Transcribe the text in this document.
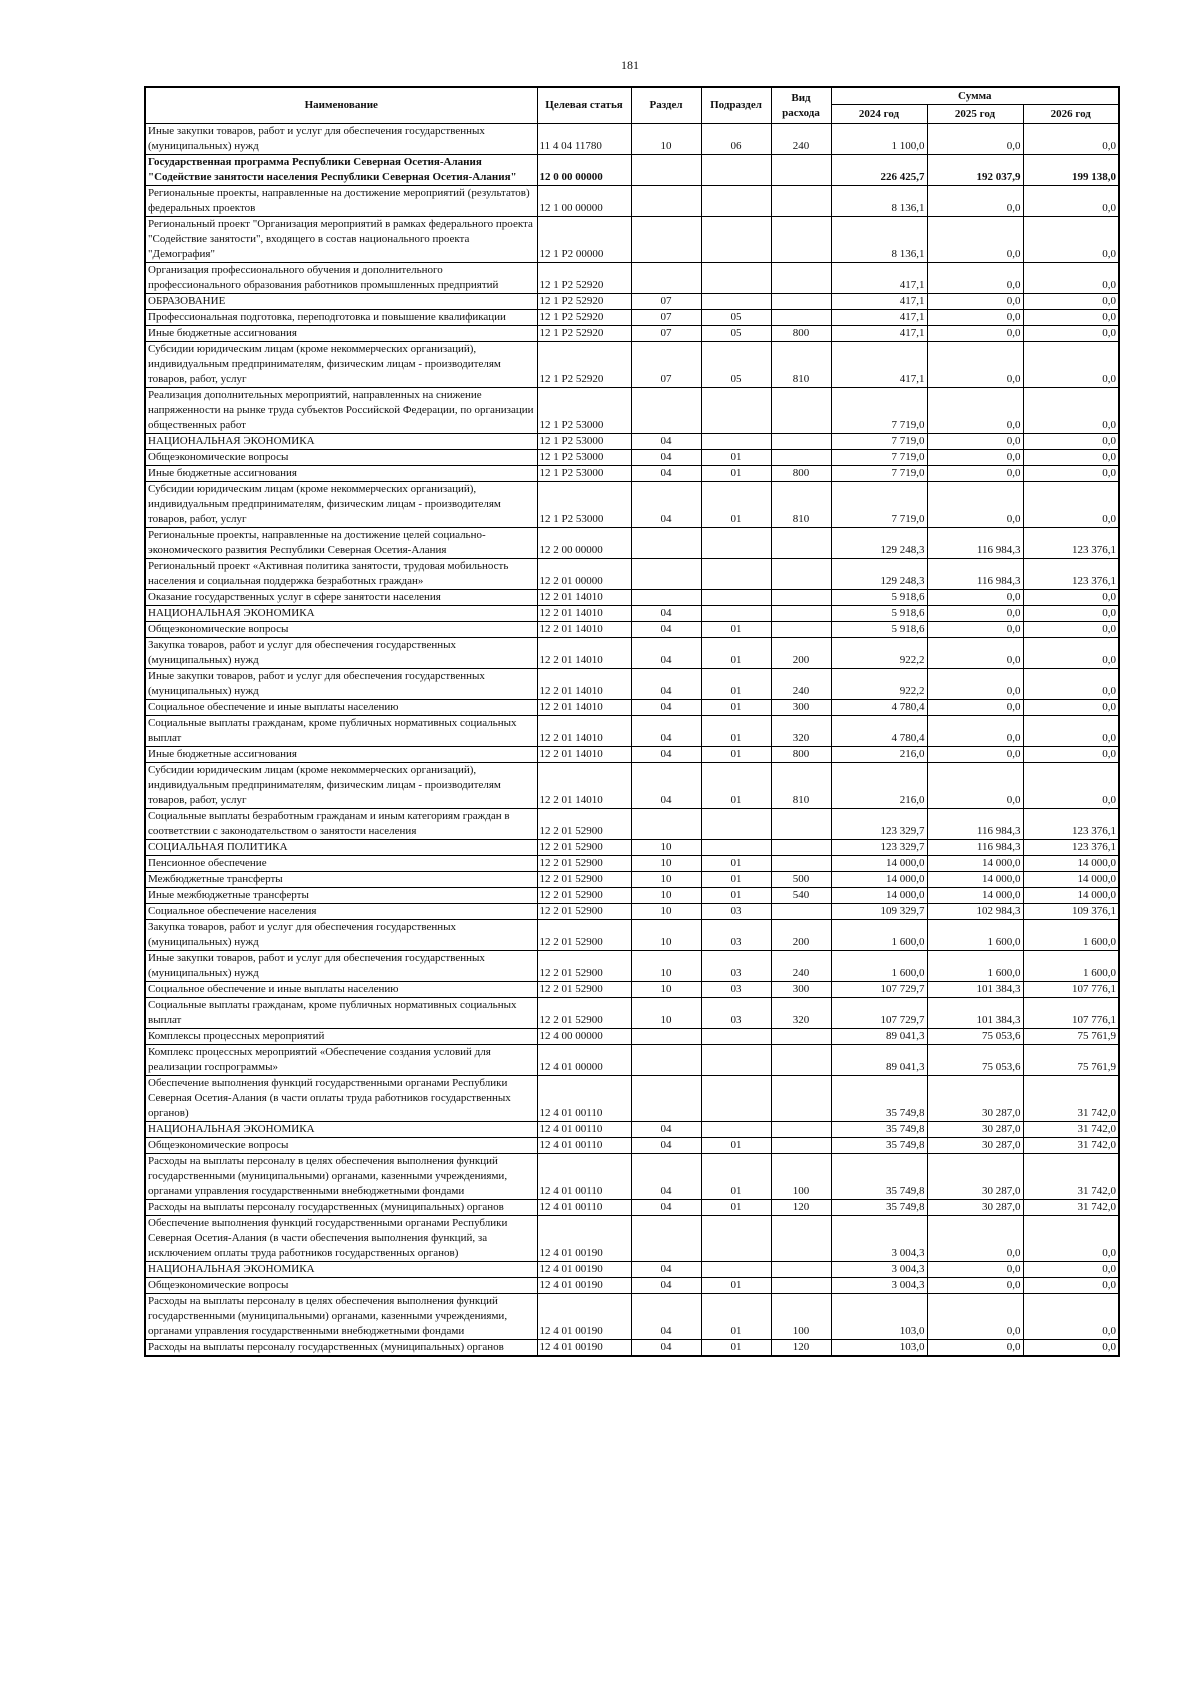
181
Наименование	Целевая статья	Раздел	Подраздел	Вид расхода	Сумма		
					2024 год	2025 год	2026 год
Иные закупки товаров, работ и услуг для обеспечения государственных (муниципальных) нужд	11 4 04 11780	10	06	240	1 100,0	0,0	0,0
Государственная программа Республики Северная Осетия-Алания "Содействие занятости населения Республики Северная Осетия-Алания"	12 0 00 00000				226 425,7	192 037,9	199 138,0
Региональные проекты, направленные на достижение мероприятий (результатов) федеральных проектов	12 1 00 00000				8 136,1	0,0	0,0
Региональный проект "Организация мероприятий в рамках федерального проекта "Содействие занятости", входящего в состав национального проекта "Демография"	12 1 P2 00000				8 136,1	0,0	0,0
Организация профессионального обучения и дополнительного профессионального образования работников промышленных предприятий	12 1 P2 52920				417,1	0,0	0,0
ОБРАЗОВАНИЕ	12 1 P2 52920	07			417,1	0,0	0,0
Профессиональная подготовка, переподготовка и повышение квалификации	12 1 P2 52920	07	05		417,1	0,0	0,0
Иные бюджетные ассигнования	12 1 P2 52920	07	05	800	417,1	0,0	0,0
Субсидии юридическим лицам (кроме некоммерческих организаций), индивидуальным предпринимателям, физическим лицам - производителям товаров, работ, услуг	12 1 P2 52920	07	05	810	417,1	0,0	0,0
Реализация дополнительных мероприятий, направленных на снижение напряженности на рынке труда субъектов Российской Федерации, по организации общественных работ	12 1 P2 53000				7 719,0	0,0	0,0
НАЦИОНАЛЬНАЯ ЭКОНОМИКА	12 1 P2 53000	04			7 719,0	0,0	0,0
Общеэкономические вопросы	12 1 P2 53000	04	01		7 719,0	0,0	0,0
Иные бюджетные ассигнования	12 1 P2 53000	04	01	800	7 719,0	0,0	0,0
Субсидии юридическим лицам (кроме некоммерческих организаций), индивидуальным предпринимателям, физическим лицам - производителям товаров, работ, услуг	12 1 P2 53000	04	01	810	7 719,0	0,0	0,0
Региональные проекты, направленные на достижение целей социально-экономического развития Республики Северная Осетия-Алания	12 2 00 00000				129 248,3	116 984,3	123 376,1
Региональный проект «Активная политика занятости, трудовая мобильность населения и социальная поддержка безработных граждан»	12 2 01 00000				129 248,3	116 984,3	123 376,1
Оказание государственных услуг в сфере занятости населения	12 2 01 14010				5 918,6	0,0	0,0
НАЦИОНАЛЬНАЯ ЭКОНОМИКА	12 2 01 14010	04			5 918,6	0,0	0,0
Общеэкономические вопросы	12 2 01 14010	04	01		5 918,6	0,0	0,0
Закупка товаров, работ и услуг для обеспечения государственных (муниципальных) нужд	12 2 01 14010	04	01	200	922,2	0,0	0,0
Иные закупки товаров, работ и услуг для обеспечения государственных (муниципальных) нужд	12 2 01 14010	04	01	240	922,2	0,0	0,0
Социальное обеспечение и иные выплаты населению	12 2 01 14010	04	01	300	4 780,4	0,0	0,0
Социальные выплаты гражданам, кроме публичных нормативных социальных выплат	12 2 01 14010	04	01	320	4 780,4	0,0	0,0
Иные бюджетные ассигнования	12 2 01 14010	04	01	800	216,0	0,0	0,0
Субсидии юридическим лицам (кроме некоммерческих организаций), индивидуальным предпринимателям, физическим лицам - производителям товаров, работ, услуг	12 2 01 14010	04	01	810	216,0	0,0	0,0
Социальные выплаты безработным гражданам и иным категориям граждан в соответствии с законодательством о занятости населения	12 2 01 52900				123 329,7	116 984,3	123 376,1
СОЦИАЛЬНАЯ ПОЛИТИКА	12 2 01 52900	10			123 329,7	116 984,3	123 376,1
Пенсионное обеспечение	12 2 01 52900	10	01		14 000,0	14 000,0	14 000,0
Межбюджетные трансферты	12 2 01 52900	10	01	500	14 000,0	14 000,0	14 000,0
Иные межбюджетные трансферты	12 2 01 52900	10	01	540	14 000,0	14 000,0	14 000,0
Социальное обеспечение населения	12 2 01 52900	10	03		109 329,7	102 984,3	109 376,1
Закупка товаров, работ и услуг для обеспечения государственных (муниципальных) нужд	12 2 01 52900	10	03	200	1 600,0	1 600,0	1 600,0
Иные закупки товаров, работ и услуг для обеспечения государственных (муниципальных) нужд	12 2 01 52900	10	03	240	1 600,0	1 600,0	1 600,0
Социальное обеспечение и иные выплаты населению	12 2 01 52900	10	03	300	107 729,7	101 384,3	107 776,1
Социальные выплаты гражданам, кроме публичных нормативных социальных выплат	12 2 01 52900	10	03	320	107 729,7	101 384,3	107 776,1
Комплексы процессных мероприятий	12 4 00 00000				89 041,3	75 053,6	75 761,9
Комплекс процессных мероприятий «Обеспечение создания условий для реализации госпрограммы»	12 4 01 00000				89 041,3	75 053,6	75 761,9
Обеспечение выполнения функций государственными органами Республики Северная Осетия-Алания (в части оплаты труда работников государственных органов)	12 4 01 00110				35 749,8	30 287,0	31 742,0
НАЦИОНАЛЬНАЯ ЭКОНОМИКА	12 4 01 00110	04			35 749,8	30 287,0	31 742,0
Общеэкономические вопросы	12 4 01 00110	04	01		35 749,8	30 287,0	31 742,0
Расходы на выплаты персоналу в целях обеспечения выполнения функций государственными (муниципальными) органами, казенными учреждениями, органами управления государственными внебюджетными фондами	12 4 01 00110	04	01	100	35 749,8	30 287,0	31 742,0
Расходы на выплаты персоналу государственных (муниципальных) органов	12 4 01 00110	04	01	120	35 749,8	30 287,0	31 742,0
Обеспечение выполнения функций государственными органами Республики Северная Осетия-Алания (в части обеспечения выполнения функций, за исключением оплаты труда работников государственных органов)	12 4 01 00190				3 004,3	0,0	0,0
НАЦИОНАЛЬНАЯ ЭКОНОМИКА	12 4 01 00190	04			3 004,3	0,0	0,0
Общеэкономические вопросы	12 4 01 00190	04	01		3 004,3	0,0	0,0
Расходы на выплаты персоналу в целях обеспечения выполнения функций государственными (муниципальными) органами, казенными учреждениями, органами управления государственными внебюджетными фондами	12 4 01 00190	04	01	100	103,0	0,0	0,0
Расходы на выплаты персоналу государственных (муниципальных) органов	12 4 01 00190	04	01	120	103,0	0,0	0,0
